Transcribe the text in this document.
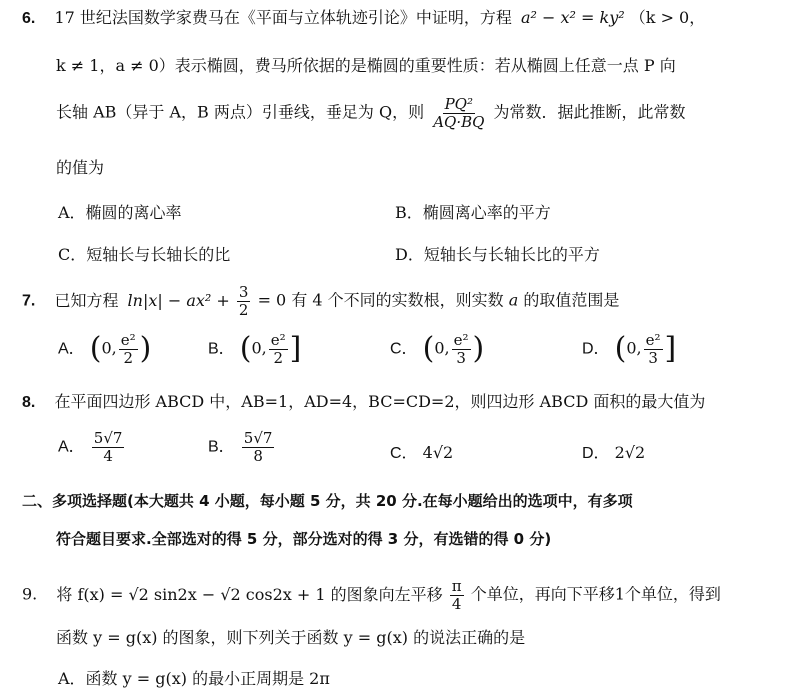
6. 17 世纪法国数学家费马在《平面与立体轨迹引论》中证明，方程 a² − x² = ky² （k > 0，
k ≠ 1，a ≠ 0）表示椭圆，费马所依据的是椭圆的重要性质：若从椭圆上任意一点 P 向
长轴 AB（异于 A，B 两点）引垂线，垂足为 Q，则 $\frac{\text{PQ²}}{AQ\cdot BQ}$ 为常数．据此推断，此常数
的值为
A．椭圆的离心率	B．椭圆离心率的平方
C．短轴长与长轴长的比	D．短轴长与长轴长比的平方
7. 已知方程 $\ln|x| - ax^2 + \frac{3}{2} = 0$ 有 4 个不同的实数根，则实数 a 的取值范围是
A． (0, $\frac{\text{e²}}{2}$ )	B． (0, $\frac{\text{e²}}{2}$ ]	C． (0, $\frac{\text{e²}}{3}$ )	D． (0, $\frac{\text{e²}}{3}$ ]
8. 在平面四边形 ABCD 中，AB=1，AD=4，BC=CD=2，则四边形 ABCD 面积的最大值为
A． $\frac{5√7}{4}$	B． $\frac{5√7}{8}$	C． 4√2	D． 2√2
二、多项选择题(本大题共 4 小题，每小题 5 分，共 20 分.在每小题给出的选项中，有多项
符合题目要求.全部选对的得 5 分，部分选对的得 3 分，有选错的得 0 分)
9. 将 f(x) = √2 sin2x − √2 cos2x + 1 的图象向左平移 $\frac{\pi}{4}$ 个单位，再向下平移1个单位，得到
函数 y = g(x) 的图象，则下列关于函数 y = g(x) 的说法正确的是
A．函数 y = g(x) 的最小正周期是 2π
